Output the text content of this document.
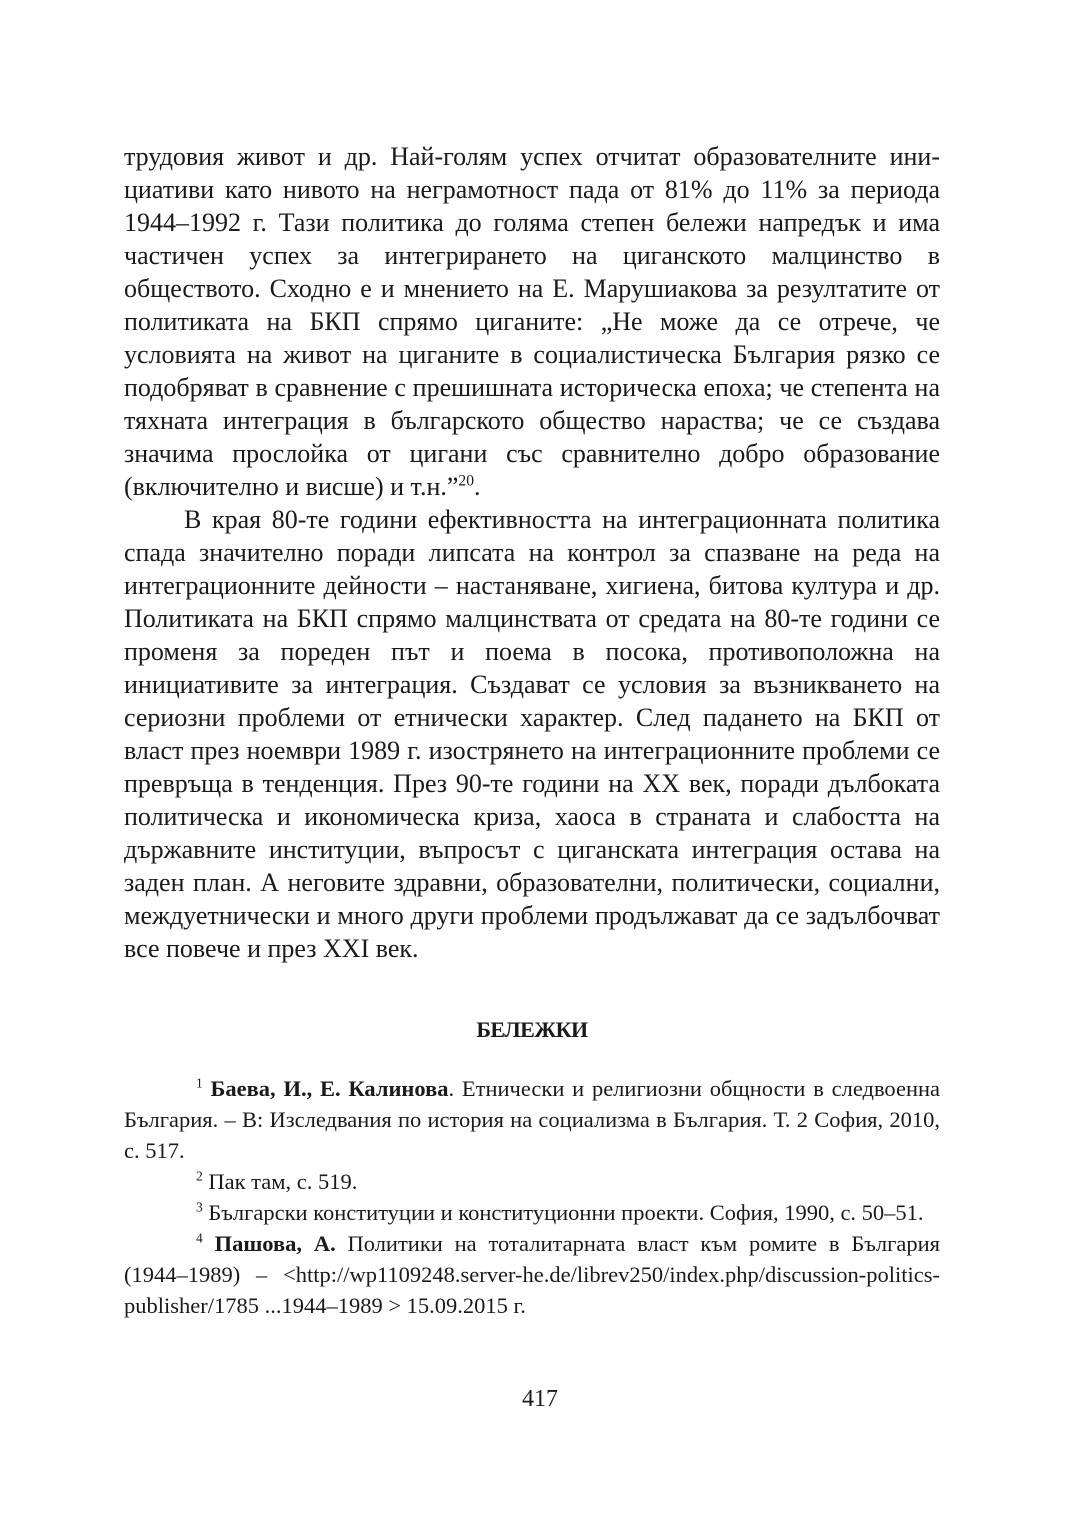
трудовия живот и др. Най-голям успех отчитат образователните инициативи като нивото на неграмотност пада от 81% до 11% за периода 1944–1992 г. Тази политика до голяма степен бележи напредък и има частичен успех за интегрирането на циганското малцинство в обществото. Сходно е и мнението на Е. Марушиакова за резултатите от политиката на БКП спрямо циганите: „Не може да се отрече, че условията на живот на циганите в социалистическа България рязко се подобряват в сравнение с прешишната историческа епоха; че степента на тяхната интеграция в българското общество нараства; че се създава значима прослойка от цигани със сравнително добро образование (включително и висше) и т.н.”$^{20}$.

В края 80-те години ефективността на интеграционната политика спада значително поради липсата на контрол за спазване на реда на интеграционните дейности – настаняване, хигиена, битова култура и др. Политиката на БКП спрямо малцинствата от средата на 80-те години се променя за пореден път и поема в посока, противоположна на инициативите за интеграция. Създават се условия за възникването на сериозни проблеми от етнически характер. След падането на БКП от власт през ноември 1989 г. изострянето на интеграционните проблеми се превръща в тенденция. През 90-те години на XX век, поради дълбоката политическа и икономическа криза, хаоса в страната и слабостта на държавните институции, въпросът с циганската интеграция остава на заден план. А неговите здравни, образователни, политически, социални, междуетнически и много други проблеми продължават да се задълбочват все повече и през XXI век.

БЕЛЕЖКИ

$^1$ Баева, И., Е. Калинова. Етнически и религиозни общности в следвоенна България. – В: Изследвания по история на социализма в България. Т. 2 София, 2010, с. 517.

$^2$ Пак там, с. 519.

$^3$ Български конституции и конституционни проекти. София, 1990, с. 50–51.

$^4$ Пашова, А. Политики на тоталитарната власт към ромите в България (1944–1989) – <http://wp1109248.server-he.de/librev250/index.php/discussion-politics-publisher/1785 ...1944–1989 > 15.09.2015 г.

417
